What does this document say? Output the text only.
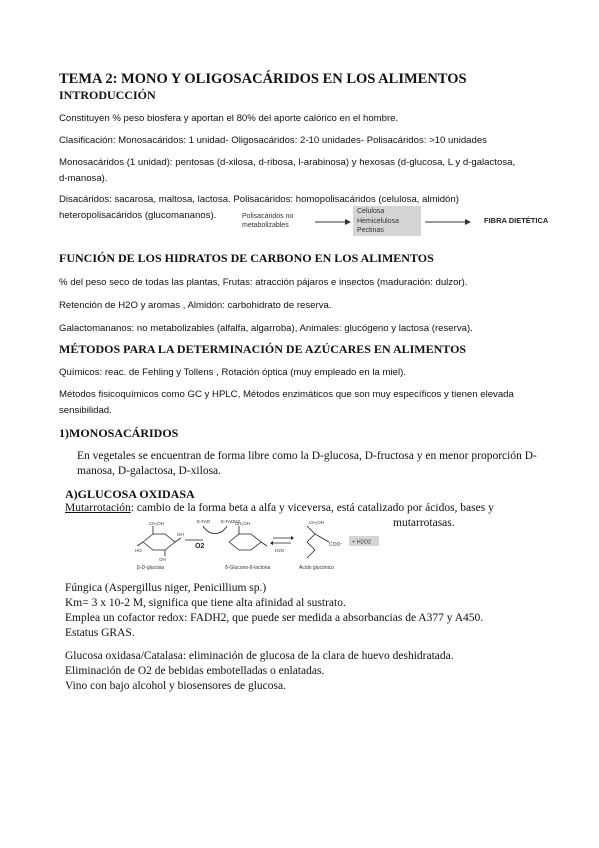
TEMA 2: MONO Y OLIGOSACÁRIDOS EN LOS ALIMENTOS
INTRODUCCIÓN
Constituyen % peso biosfera y aportan el 80% del aporte calórico en el hombre.
Clasificación: Monosacáridos: 1 unidad- Oligosacáridos: 2-10 unidades- Polisacáridos: >10 unidades
Monosacáridos (1 unidad): pentosas (d-xilosa, d-ribosa, l-arabinosa) y hexosas (d-glucosa, L y d-galactosa,
d-manosa).
Disacáridos: sacarosa, maltosa, lactosa. Polisacáridos: homopolisacáridos (celulosa, almidón)
heteropolisacáridos (glucomananos).	Polisacáridos no
metabolizables
Celulosa
Hemicelulosa
Pectinas
FIBRA DIETÉTICA
FUNCIÓN DE LOS HIDRATOS DE CARBONO EN LOS ALIMENTOS
% del peso seco de todas las plantas, Frutas: atracción pájaros e insectos (maduración: dulzor).
Retención de H2O y aromas , Almidón: carbohidrato de reserva.
Galactomananos: no metabolizables (alfalfa, algarroba), Animales: glucógeno y lactosa (reserva).
MÉTODOS PARA LA DETERMINACIÓN DE AZÚCARES EN ALIMENTOS
Químicos: reac. de Fehling y Tollens , Rotación óptica (muy empleado en la miel).
Métodos fisicoquímicos como GC y HPLC, Métodos enzimáticos que son muy específicos y tienen elevada
sensibilidad.
1)MONOSACÁRIDOS
En vegetales se encuentran de forma libre como la D-glucosa, D-fructosa y en menor proporción D-
manosa, D-galactosa, D-xilosa.
A)GLUCOSA OXIDASA
Mutarrotación: cambio de la forma beta a alfa y viceversa, está catalizado por ácidos, bases y
mutarrotasas.
CH₂OH
OH
OH
HO
β-D-glucosa
E-FAD E-FADH2
O2
CH₂OH
δ-Glucono-δ-lactona
H2O
CH₂OH
COO⁻
Ácido glucónico
+ H2O2
Fúngica (Aspergillus niger, Penicillium sp.)
Km= 3 x 10-2 M, significa que tiene alta afinidad al sustrato.
Emplea un cofactor redox: FADH2, que puede ser medida a absorbancias de A377 y A450.
Estatus GRAS.
Glucosa oxidasa/Catalasa: eliminación de glucosa de la clara de huevo deshidratada.
Eliminación de O2 de bebidas embotelladas o enlatadas.
Vino con bajo alcohol y biosensores de glucosa.
